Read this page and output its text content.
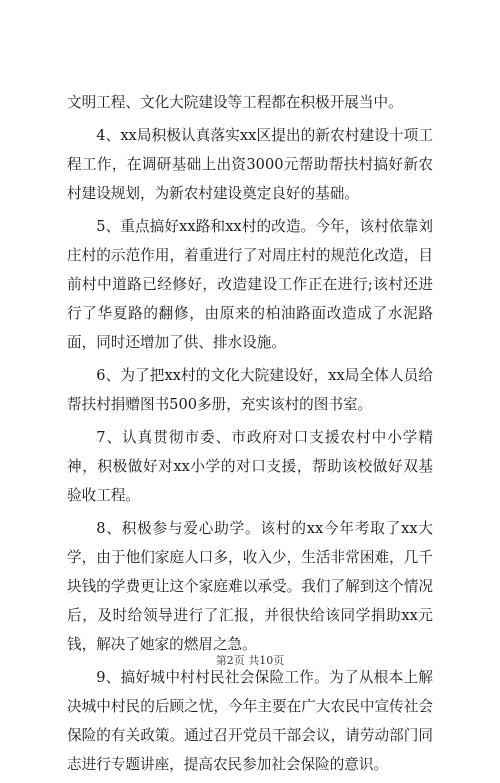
文明工程、文化大院建设等工程都在积极开展当中。

4、xx局积极认真落实xx区提出的新农村建设十项工程工作，在调研基础上出资3000元帮助帮扶村搞好新农村建设规划，为新农村建设奠定良好的基础。

5、重点搞好xx路和xx村的改造。今年，该村依靠刘庄村的示范作用，着重进行了对周庄村的规范化改造，目前村中道路已经修好，改造建设工作正在进行;该村还进行了华夏路的翻修，由原来的柏油路面改造成了水泥路面，同时还增加了供、排水设施。

6、为了把xx村的文化大院建设好，xx局全体人员给帮扶村捐赠图书500多册，充实该村的图书室。

7、认真贯彻市委、市政府对口支援农村中小学精神，积极做好对xx小学的对口支援，帮助该校做好双基验收工程。

8、积极参与爱心助学。该村的xx今年考取了xx大学，由于他们家庭人口多，收入少，生活非常困难，几千块钱的学费更让这个家庭难以承受。我们了解到这个情况后，及时给领导进行了汇报，并很快给该同学捐助xx元钱，解决了她家的燃眉之急。

9、搞好城中村村民社会保险工作。为了从根本上解决城中村民的后顾之忧，今年主要在广大农民中宣传社会保险的有关政策。通过召开党员干部会议，请劳动部门同志进行专题讲座，提高农民参加社会保险的意识。

第2页 共10页
